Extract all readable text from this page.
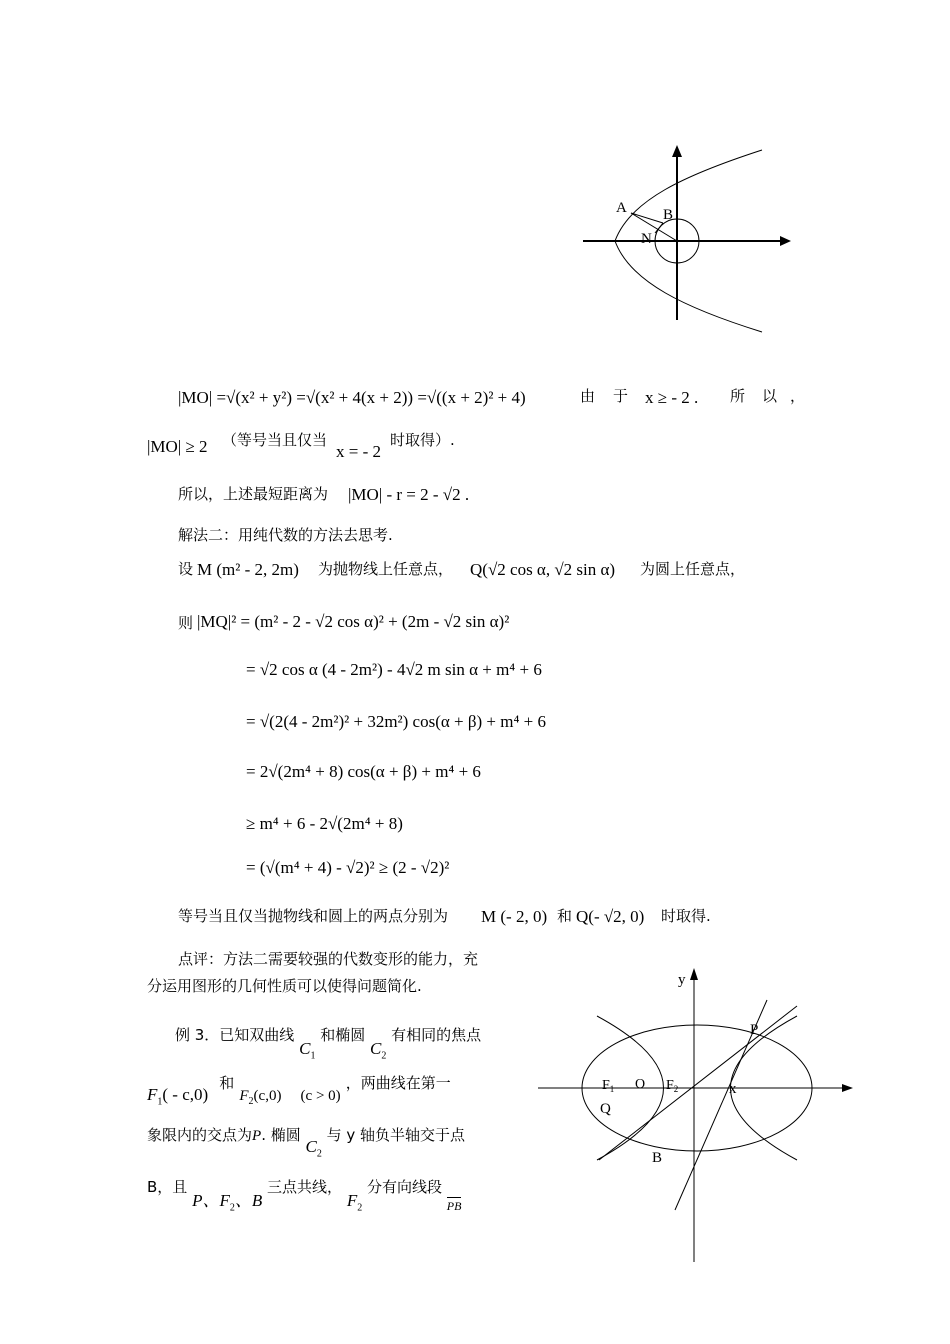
A B
N
|MO| =√(x² + y²) =√(x² + 4(x + 2)) =√((x + 2)² + 4)	由 于 x ≥ - 2 . 所 以 ，
|MO| ≥ 2 （等号当且仅当
x = - 2
时取得）.
所以，上述最短距离为 |MO| - r = 2 - √2 .
解法二：用纯代数的方法去思考.
设 M (m² - 2, 2m) 为抛物线上任意点， Q(√2 cos α, √2 sin α) 为圆上任意点，
则 |MQ|² = (m² - 2 - √2 cos α)² + (2m - √2 sin α)²
= √2 cos α (4 - 2m²) - 4√2 m sin α + m⁴ + 6
= √(2(4 - 2m²)² + 32m²) cos(α + β) + m⁴ + 6
= 2√(2m⁴ + 8) cos(α + β) + m⁴ + 6
≥ m⁴ + 6 - 2√(2m⁴ + 8)
= (√(m⁴ + 4) - √2)² ≥ (2 - √2)²
等号当且仅当抛物线和圆上的两点分别为 M (- 2, 0) 和 Q(- √2, 0) 时取得.
点评：方法二需要较强的代数变形的能力，充
分运用图形的几何性质可以使得问题简化.
例 3．已知双曲线 $C_1$ 和椭圆 $C_2$ 有相同的焦点
$F_1( - c,0)$ 和 $F_2(c,0) (c > 0)$ ，两曲线在第一
象限内的交点为P. 椭圆 $C_2$ 与 y 轴负半轴交于点
B，且 P、$F_2$、B 三点共线， $F_2$ 分有向线段 $_{PB}$
y
x
P
$F_1$ O $F_2$
Q
B
